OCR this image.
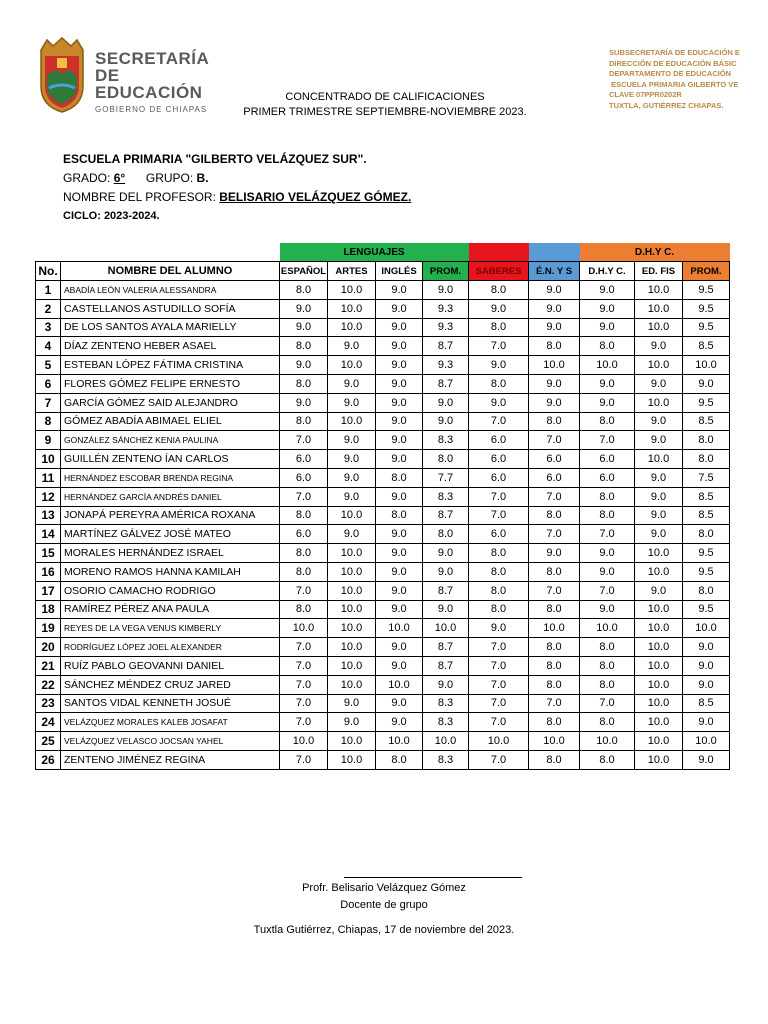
SECRETARÍA
DE EDUCACIÓN
GOBIERNO DE CHIAPAS
SUBSECRETARÍA DE EDUCACIÓN E
DIRECCIÓN DE EDUCACIÓN BÁSIC
DEPARTAMENTO DE EDUCACIÓN
ESCUELA PRIMARIA GILBERTO VE
CLAVE 07PPR0202R
TUXTLA, GUTIÉRREZ CHIAPAS.
CONCENTRADO DE CALIFICACIONES
PRIMER TRIMESTRE SEPTIEMBRE-NOVIEMBRE 2023.
ESCUELA PRIMARIA "GILBERTO VELÁZQUEZ SUR".
GRADO: 6° GRUPO: B.
NOMBRE DEL PROFESOR: BELISARIO VELÁZQUEZ GÓMEZ.
CICLO: 2023-2024.
		LENGUAJES						D.H.Y C.		
No.	NOMBRE DEL ALUMNO	ESPAÑOL	ARTES	INGLÉS	PROM.	SABERES	É.N. Y S	D.H.Y C.	ED. FIS	PROM.
1	ABADÍA LEÓN VALERIA ALESSANDRA	8.0	10.0	9.0	9.0	8.0	9.0	9.0	10.0	9.5
2	CASTELLANOS ASTUDILLO SOFÍA	9.0	10.0	9.0	9.3	9.0	9.0	9.0	10.0	9.5
3	DE LOS SANTOS AYALA MARIELLY	9.0	10.0	9.0	9.3	8.0	9.0	9.0	10.0	9.5
4	DÍAZ ZENTENO HEBER ASAEL	8.0	9.0	9.0	8.7	7.0	8.0	8.0	9.0	8.5
5	ESTEBAN LÓPEZ FÁTIMA CRISTINA	9.0	10.0	9.0	9.3	9.0	10.0	10.0	10.0	10.0
6	FLORES GÓMEZ FELIPE ERNESTO	8.0	9.0	9.0	8.7	8.0	9.0	9.0	9.0	9.0
7	GARCÍA GÓMEZ SAID ALEJANDRO	9.0	9.0	9.0	9.0	9.0	9.0	9.0	10.0	9.5
8	GÓMEZ ABADÍA ABIMAEL ELIEL	8.0	10.0	9.0	9.0	7.0	8.0	8.0	9.0	8.5
9	GONZÁLEZ SÁNCHEZ KENIA PAULINA	7.0	9.0	9.0	8.3	6.0	7.0	7.0	9.0	8.0
10	GUILLÉN ZENTENO ÍAN CARLOS	6.0	9.0	9.0	8.0	6.0	6.0	6.0	10.0	8.0
11	HERNÁNDEZ ESCOBAR BRENDA REGINA	6.0	9.0	8.0	7.7	6.0	6.0	6.0	9.0	7.5
12	HERNÁNDEZ GARCÍA ANDRÉS DANIEL	7.0	9.0	9.0	8.3	7.0	7.0	8.0	9.0	8.5
13	JONAPÁ PEREYRA AMÉRICA ROXANA	8.0	10.0	8.0	8.7	7.0	8.0	8.0	9.0	8.5
14	MARTÍNEZ GÁLVEZ JOSÉ MATEO	6.0	9.0	9.0	8.0	6.0	7.0	7.0	9.0	8.0
15	MORALES HERNÁNDEZ ISRAEL	8.0	10.0	9.0	9.0	8.0	9.0	9.0	10.0	9.5
16	MORENO RAMOS HANNA KAMILAH	8.0	10.0	9.0	9.0	8.0	8.0	9.0	10.0	9.5
17	OSORIO CAMACHO RODRIGO	7.0	10.0	9.0	8.7	8.0	7.0	7.0	9.0	8.0
18	RAMÍREZ PÉREZ ANA PAULA	8.0	10.0	9.0	9.0	8.0	8.0	9.0	10.0	9.5
19	REYES DE LA VEGA VENUS KIMBERLY	10.0	10.0	10.0	10.0	9.0	10.0	10.0	10.0	10.0
20	RODRÍGUEZ LÓPEZ JOEL ALEXANDER	7.0	10.0	9.0	8.7	7.0	8.0	8.0	10.0	9.0
21	RUÍZ PABLO GEOVANNI DANIEL	7.0	10.0	9.0	8.7	7.0	8.0	8.0	10.0	9.0
22	SÁNCHEZ MÉNDEZ CRUZ JARED	7.0	10.0	10.0	9.0	7.0	8.0	8.0	10.0	9.0
23	SANTOS VIDAL KENNETH JOSUÉ	7.0	9.0	9.0	8.3	7.0	7.0	7.0	10.0	8.5
24	VELÁZQUEZ MORALES KALEB JOSAFAT	7.0	9.0	9.0	8.3	7.0	8.0	8.0	10.0	9.0
25	VELÁZQUEZ VELASCO JOCSAN YAHEL	10.0	10.0	10.0	10.0	10.0	10.0	10.0	10.0	10.0
26	ZENTENO JIMÉNEZ REGINA	7.0	10.0	8.0	8.3	7.0	8.0	8.0	10.0	9.0
Profr. Belisario Velázquez Gómez
Docente de grupo
Tuxtla Gutiérrez, Chiapas, 17 de noviembre del 2023.
